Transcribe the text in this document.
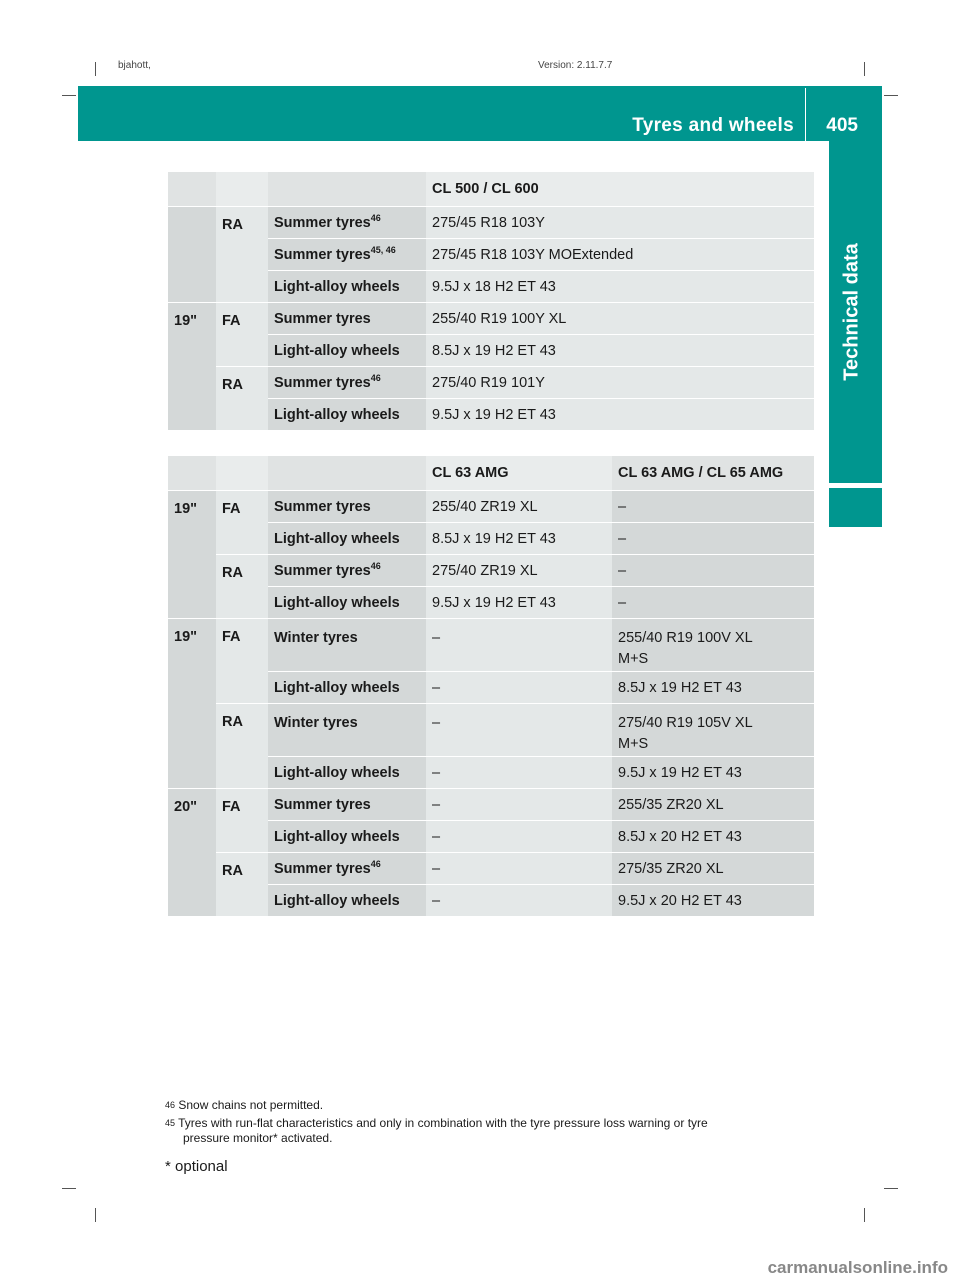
bjahott,	Version: 2.11.7.7
Tyres and wheels 405
Technical data
			CL 500 / CL 600
	RA	Summer tyres$^{46}$	275/45 R18 103Y
		Summer tyres$^{45, 46}$	275/45 R18 103Y MOExtended
		Light-alloy wheels	9.5J x 18 H2 ET 43
19"	FA	Summer tyres	255/40 R19 100Y XL
		Light-alloy wheels	8.5J x 19 H2 ET 43
	RA	Summer tyres$^{46}$	275/40 R19 101Y
		Light-alloy wheels	9.5J x 19 H2 ET 43
			CL 63 AMG	CL 63 AMG / CL 65 AMG
19"	FA	Summer tyres	255/40 ZR19 XL	–
		Light-alloy wheels	8.5J x 19 H2 ET 43	–
	RA	Summer tyres$^{46}$	275/40 ZR19 XL	–
		Light-alloy wheels	9.5J x 19 H2 ET 43	–
19"	FA	Winter tyres	–	255/40 R19 100V XL
M+S

		Light-alloy wheels	–	8.5J x 19 H2 ET 43
	RA	Winter tyres	–	275/40 R19 105V XL
M+S

		Light-alloy wheels	–	9.5J x 19 H2 ET 43
20"	FA	Summer tyres	–	255/35 ZR20 XL
		Light-alloy wheels	–	8.5J x 20 H2 ET 43
	RA	Summer tyres$^{46}$	–	275/35 ZR20 XL
		Light-alloy wheels	–	9.5J x 20 H2 ET 43
$^{46}$ Snow chains not permitted.
$^{45}$ Tyres with run-flat characteristics and only in combination with the tyre pressure loss warning or tyre
pressure monitor* activated.
* optional
carmanualsonline.info
